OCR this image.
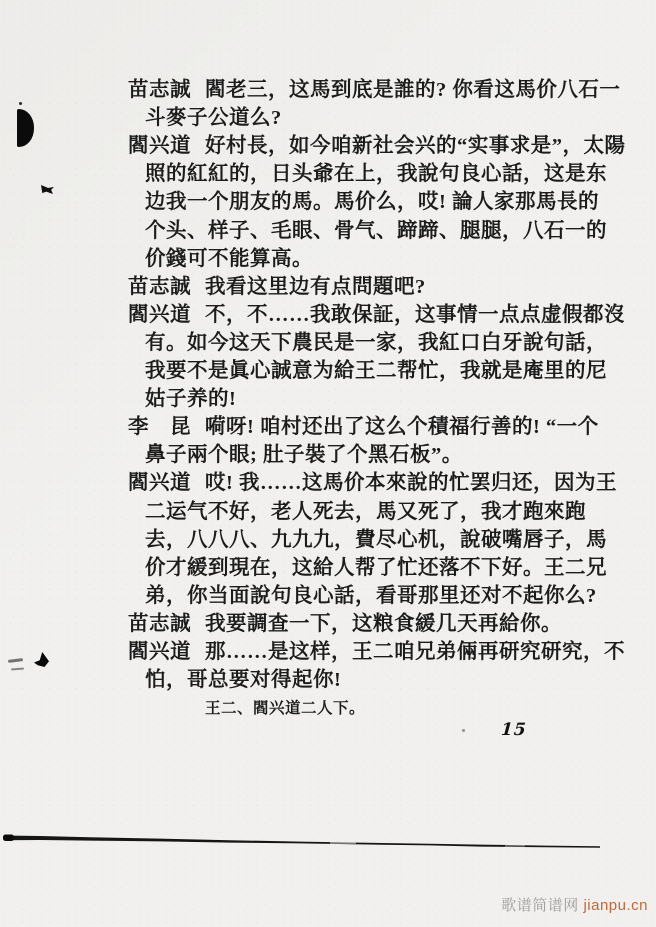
苗志誠 閻老三，这馬到底是誰的? 你看这馬价八石一
斗麥子公道么?
閻兴道 好村長，如今咱新社会兴的“实事求是”，太陽
照的紅紅的，日头爺在上，我說句良心話，这是东
边我一个朋友的馬。馬价么，哎! 論人家那馬長的
个头、样子、毛眼、骨气、蹄蹄、腿腿，八石一的
价錢可不能算高。
苗志誠 我看这里边有点問題吧?
閻兴道 不，不……我敢保証，这事情一点点虚假都沒
有。如今这天下農民是一家，我紅口白牙說句話，
我要不是眞心誠意为給王二帮忙，我就是庵里的尼
姑子养的!
李　昆 嗬呀! 咱村还出了这么个積福行善的! “一个
鼻子兩个眼; 肚子裝了个黑石板”。
閻兴道 哎! 我……这馬价本來說的忙罢归还，因为王
二运气不好，老人死去，馬又死了，我才跑來跑
去，八八八、九九九，費尽心机，說破嘴唇子，馬
价才緩到現在，这給人帮了忙还落不下好。王二兄
弟，你当面說句良心話，看哥那里还对不起你么?
苗志誠 我要調查一下，这粮食緩几天再給你。
閻兴道 那……是这样，王二咱兄弟倆再研究研究，不
怕，哥总要对得起你!
王二、閻兴道二人下。
15
歌谱简谱网 jianpu.cn
